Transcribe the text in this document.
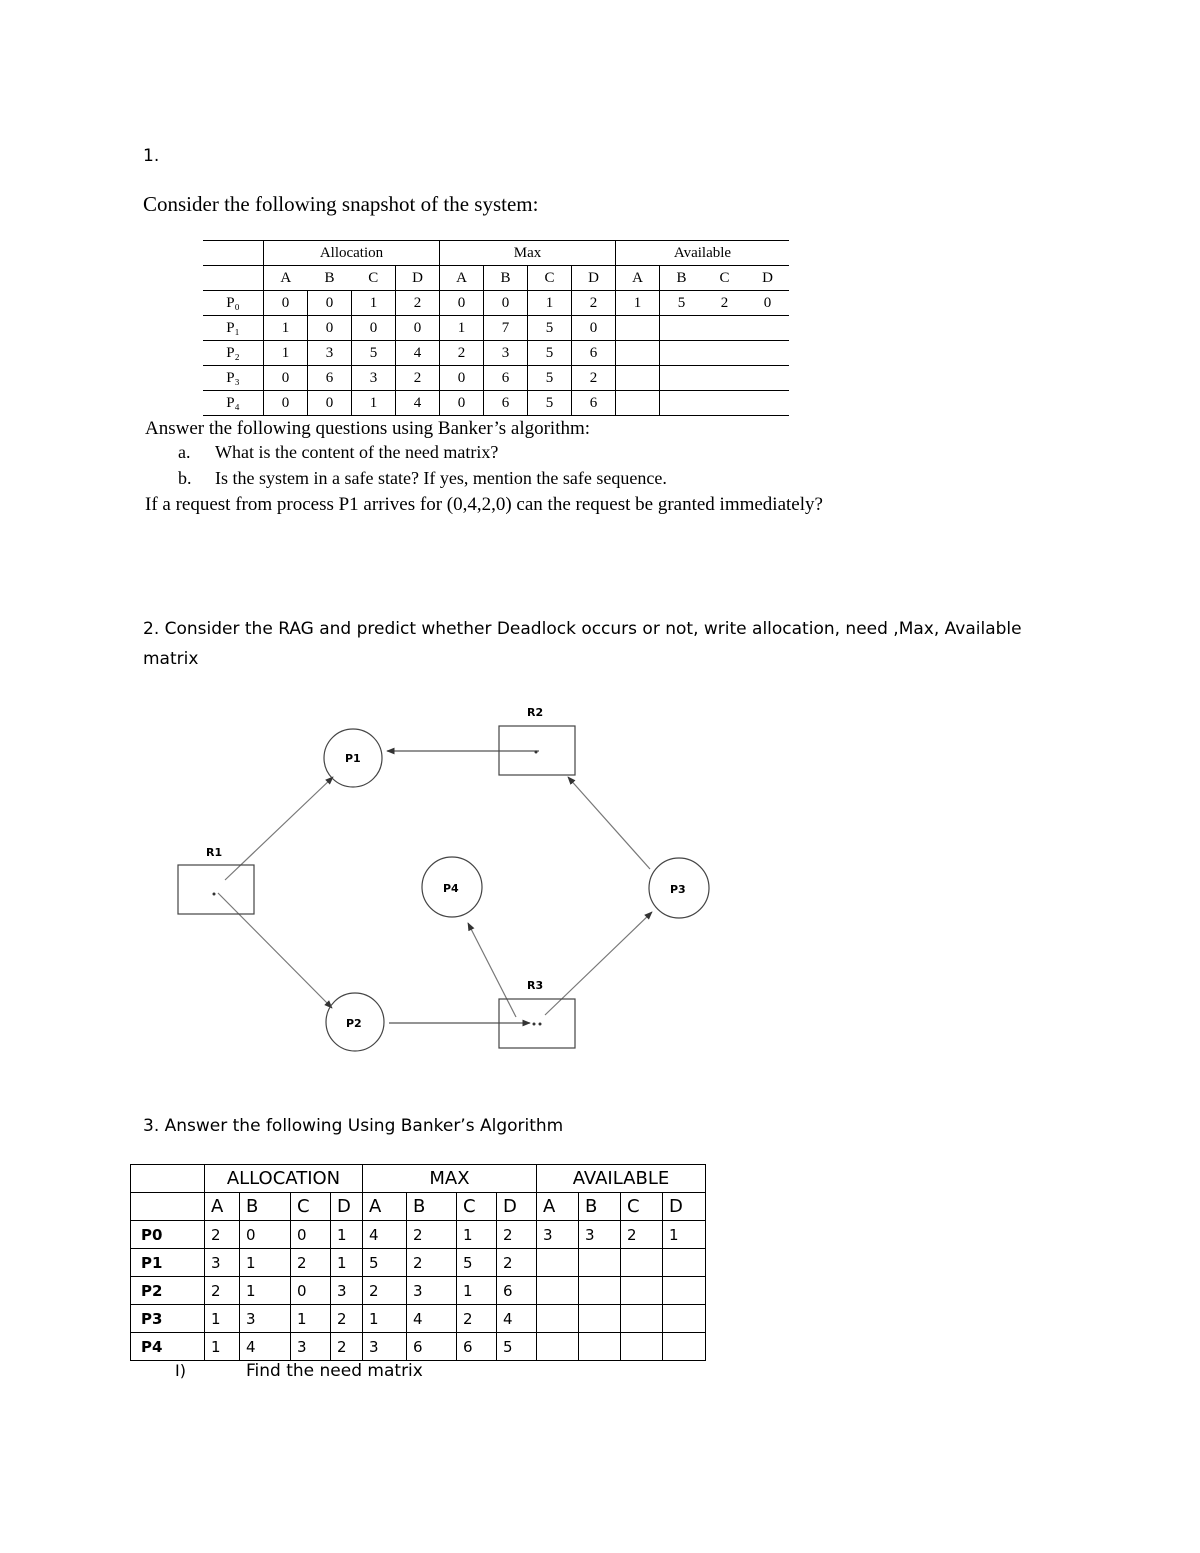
1.
Consider the following snapshot of the system:
	Allocation				Max				Available			
	A	B	C	D	A	B	C	D	A	B	C	D
P₀	0	0	1	2	0	0	1	2	1	5	2	0
P₁	1	0	0	0	1	7	5	0				
P₂	1	3	5	4	2	3	5	6				
P₃	0	6	3	2	0	6	5	2				
P₄	0	0	1	4	0	6	5	6				
Answer the following questions using Banker’s algorithm:
a. What is the content of the need matrix?
b. Is the system in a safe state? If yes, mention the safe sequence.
If a request from process P1 arrives for (0,4,2,0) can the request be granted immediately?
2. Consider the RAG and predict whether Deadlock occurs or not, write allocation, need ,Max, Available matrix
R1
R2
R3
P1
P2
P3
P4
3. Answer the following Using Banker’s Algorithm
	ALLOCATION				MAX				AVAILABLE			
	A	B	C	D	A	B	C	D	A	B	C	D
P0	2	0	0	1	4	2	1	2	3	3	2	1
P1	3	1	2	1	5	2	5	2				
P2	2	1	0	3	2	3	1	6				
P3	1	3	1	2	1	4	2	4				
P4	1	4	3	2	3	6	6	5				
I)	Find the need matrix
